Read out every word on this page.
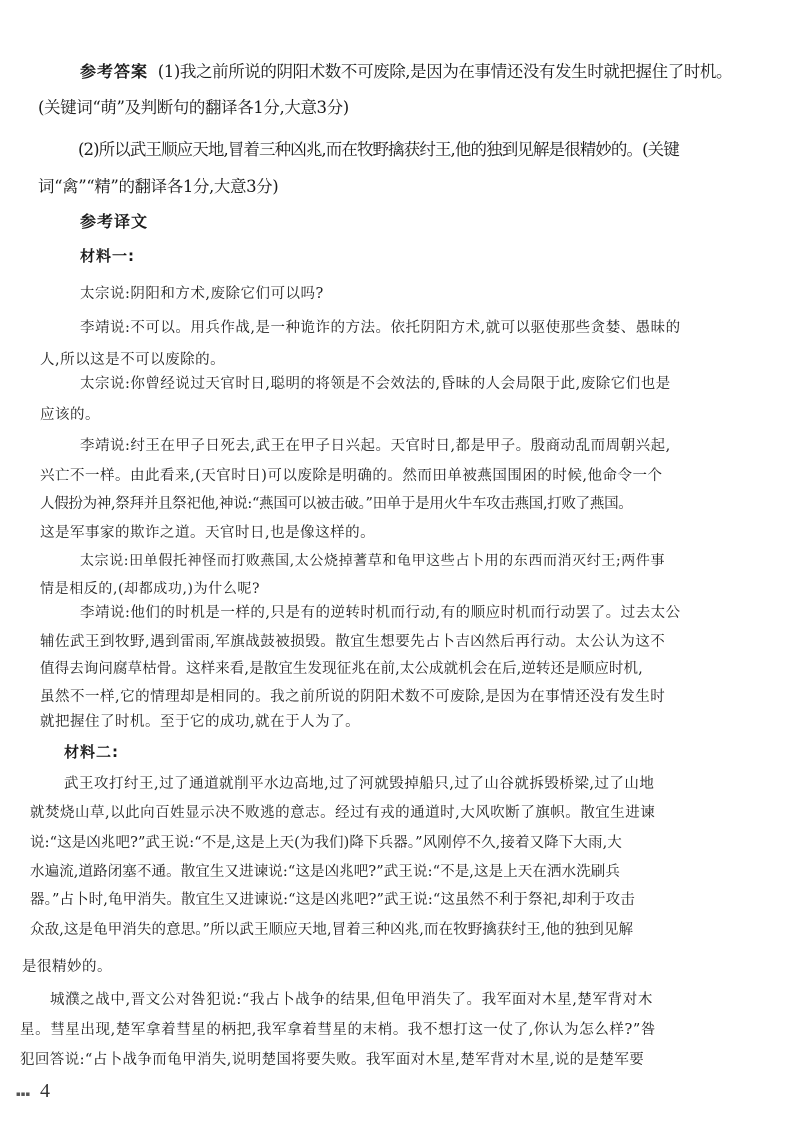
参考答案 (1)我之前所说的阴阳术数不可废除,是因为在事情还没有发生时就把握住了时机。
(关键词“萌”及判断句的翻译各1分,大意3分)
(2)所以武王顺应天地,冒着三种凶兆,而在牧野擒获纣王,他的独到见解是很精妙的。(关键
词“禽”“精”的翻译各1分,大意3分)
参考译文
材料一:
太宗说:阴阳和方术,废除它们可以吗?
李靖说:不可以。用兵作战,是一种诡诈的方法。依托阴阳方术,就可以驱使那些贪婪、愚昧的
人,所以这是不可以废除的。
太宗说:你曾经说过天官时日,聪明的将领是不会效法的,昏昧的人会局限于此,废除它们也是
应该的。
李靖说:纣王在甲子日死去,武王在甲子日兴起。天官时日,都是甲子。殷商动乱而周朝兴起,
兴亡不一样。由此看来,(天官时日)可以废除是明确的。然而田单被燕国围困的时候,他命令一个
人假扮为神,祭拜并且祭祀他,神说:“燕国可以被击破。”田单于是用火牛车攻击燕国,打败了燕国。
这是军事家的欺诈之道。天官时日,也是像这样的。
太宗说:田单假托神怪而打败燕国,太公烧掉蓍草和龟甲这些占卜用的东西而消灭纣王;两件事
情是相反的,(却都成功,)为什么呢?
李靖说:他们的时机是一样的,只是有的逆转时机而行动,有的顺应时机而行动罢了。过去太公
辅佐武王到牧野,遇到雷雨,军旗战鼓被损毁。散宜生想要先占卜吉凶然后再行动。太公认为这不
值得去询问腐草枯骨。这样来看,是散宜生发现征兆在前,太公成就机会在后,逆转还是顺应时机,
虽然不一样,它的情理却是相同的。我之前所说的阴阳术数不可废除,是因为在事情还没有发生时
就把握住了时机。至于它的成功,就在于人为了。
材料二:
武王攻打纣王,过了通道就削平水边高地,过了河就毁掉船只,过了山谷就拆毁桥梁,过了山地
就焚烧山草,以此向百姓显示决不败逃的意志。经过有戎的通道时,大风吹断了旗帜。散宜生进谏
说:“这是凶兆吧?”武王说:“不是,这是上天(为我们)降下兵器。”风刚停不久,接着又降下大雨,大
水遍流,道路闭塞不通。散宜生又进谏说:“这是凶兆吧?”武王说:“不是,这是上天在洒水洗刷兵
器。”占卜时,龟甲消失。散宜生又进谏说:“这是凶兆吧?”武王说:“这虽然不利于祭祀,却利于攻击
众敌,这是龟甲消失的意思。”所以武王顺应天地,冒着三种凶兆,而在牧野擒获纣王,他的独到见解
是很精妙的。
城濮之战中,晋文公对咎犯说:“我占卜战争的结果,但龟甲消失了。我军面对木星,楚军背对木
星。彗星出现,楚军拿着彗星的柄把,我军拿着彗星的末梢。我不想打这一仗了,你认为怎么样?”咎
犯回答说:“占卜战争而龟甲消失,说明楚国将要失败。我军面对木星,楚军背对木星,说的是楚军要
▪▪▪ 4
